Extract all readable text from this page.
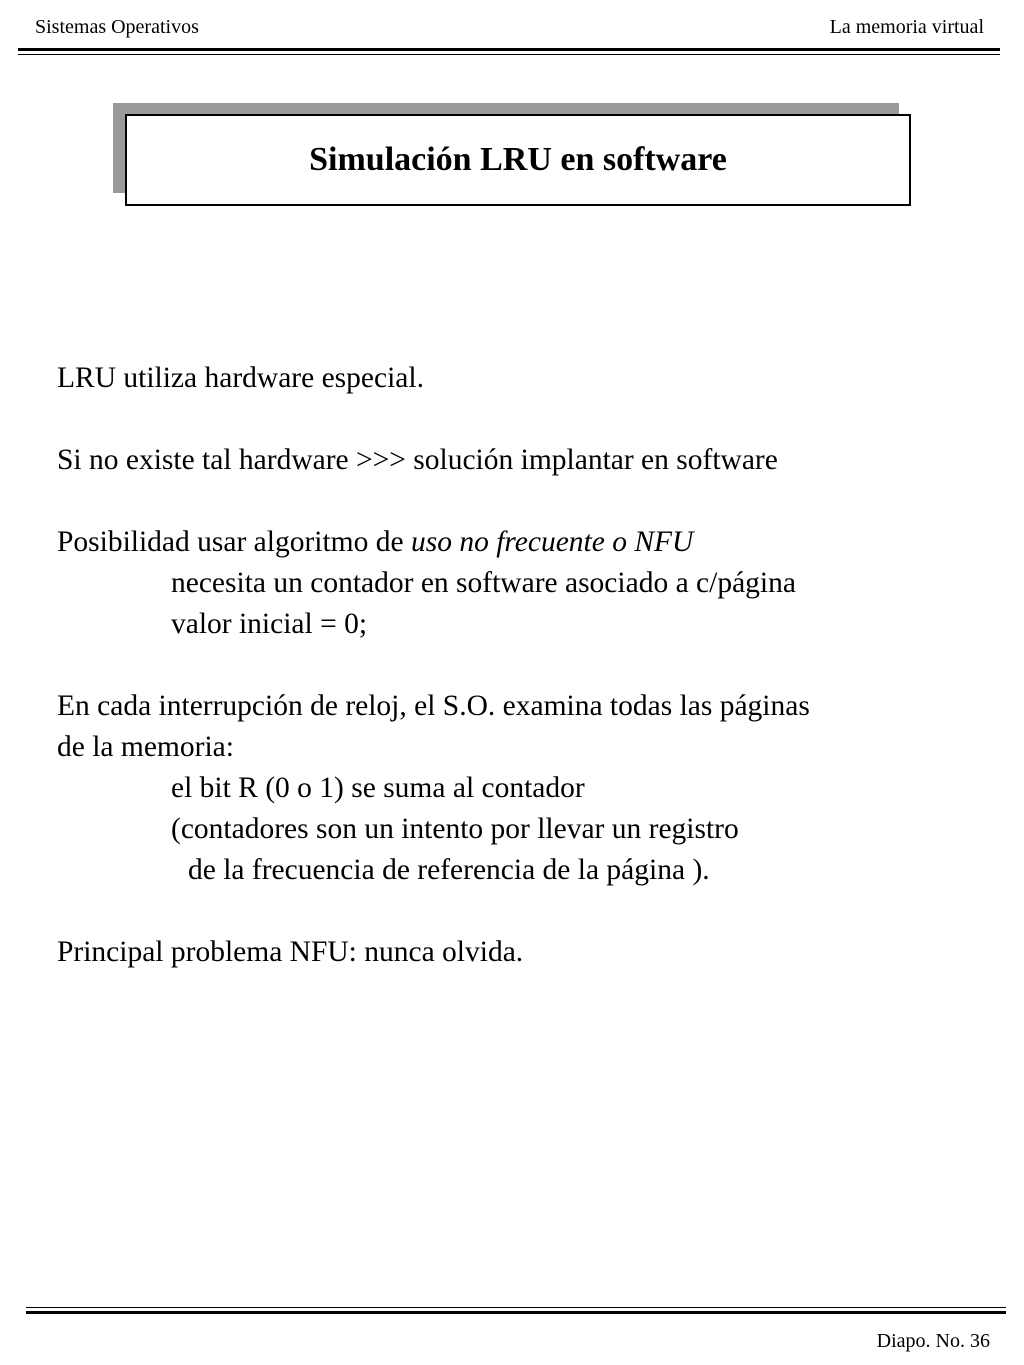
Sistemas Operativos	La memoria virtual
Simulación LRU en software
LRU utiliza hardware especial.
Si no existe tal hardware >>> solución implantar en software
Posibilidad usar algoritmo de uso no frecuente o NFU
necesita un contador en software asociado a c/página
valor inicial = 0;
En cada interrupción de reloj, el S.O. examina todas las páginas
de la memoria:
el bit R (0 o 1) se suma al contador
(contadores son un intento por llevar un registro
de la frecuencia de referencia de la página ).
Principal problema NFU: nunca olvida.
Diapo. No. 36
